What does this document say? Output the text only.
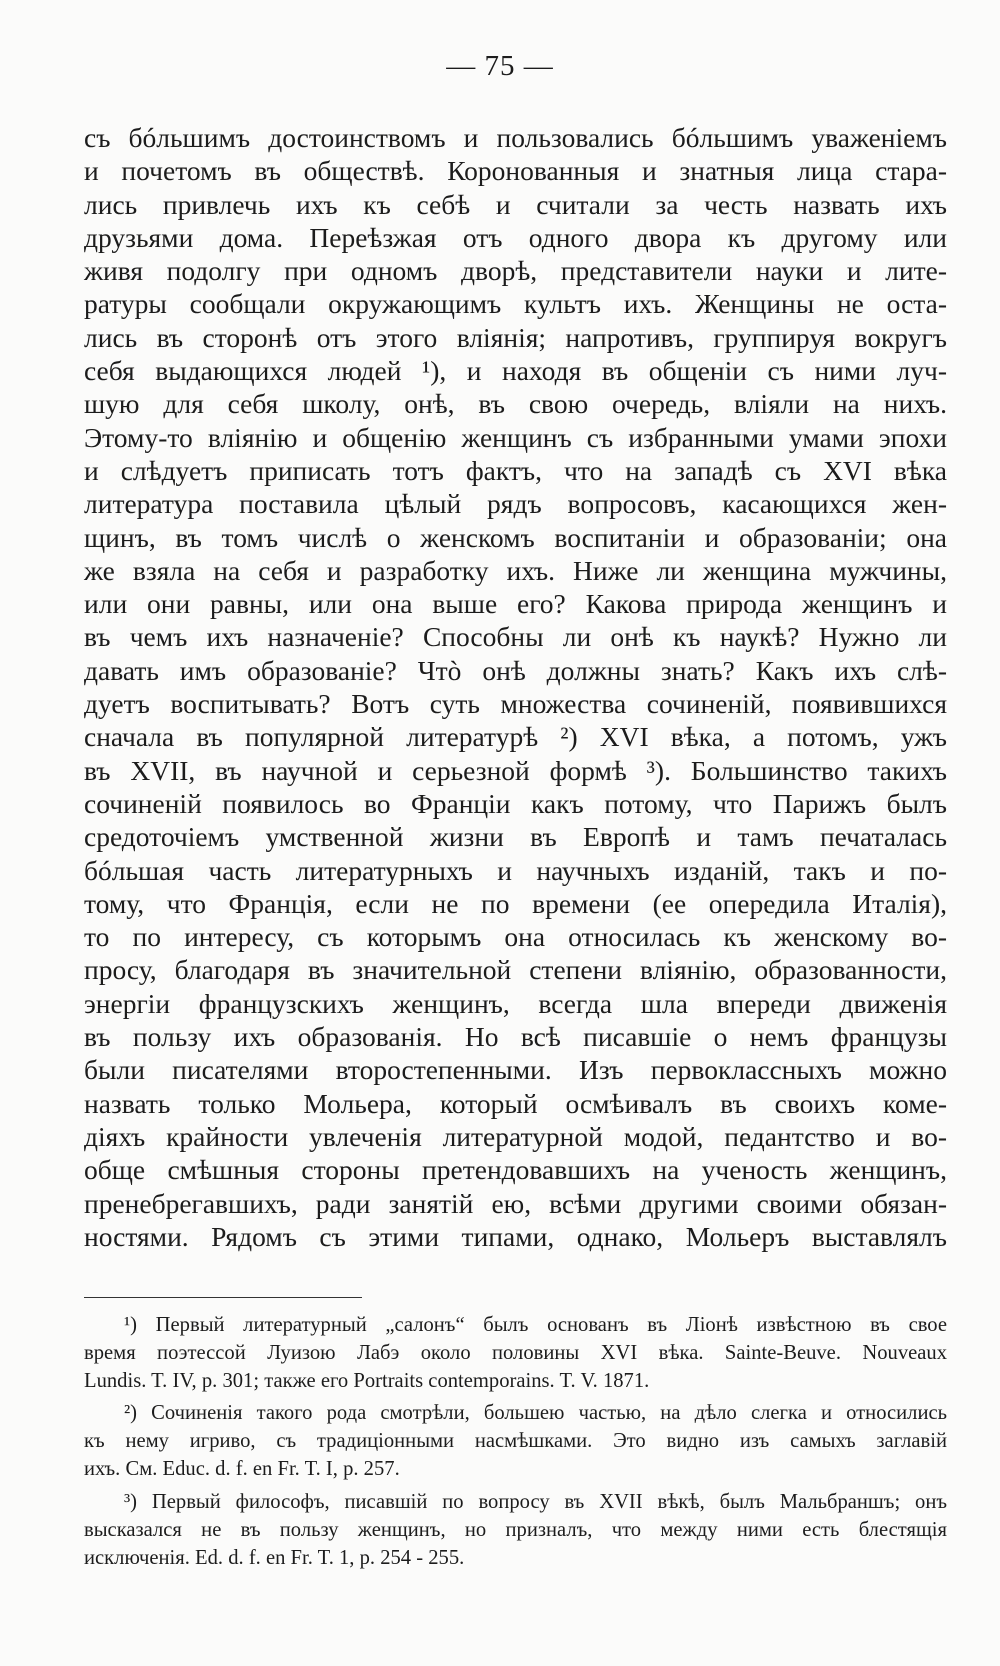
— 75 —
съ бóльшимъ достоинствомъ и пользовались бóльшимъ уваженіемъ
и почетомъ въ обществѣ. Коронованныя и знатныя лица стара-
лись привлечь ихъ къ себѣ и считали за честь назвать ихъ
друзьями дома. Переѣзжая отъ одного двора къ другому или
живя подолгу при одномъ дворѣ, представители науки и лите-
ратуры сообщали окружающимъ культъ ихъ. Женщины не оста-
лись въ сторонѣ отъ этого вліянія; напротивъ, группируя вокругъ
себя выдающихся людей ¹), и находя въ общеніи съ ними луч-
шую для себя школу, онѣ, въ свою очередь, вліяли на нихъ.
Этому-то вліянію и общенію женщинъ съ избранными умами эпохи
и слѣдуетъ приписать тотъ фактъ, что на западѣ съ XVI вѣка
литература поставила цѣлый рядъ вопросовъ, касающихся жен-
щинъ, въ томъ числѣ о женскомъ воспитаніи и образованіи; она
же взяла на себя и разработку ихъ. Ниже ли женщина мужчины,
или они равны, или она выше его? Какова природа женщинъ и
въ чемъ ихъ назначеніе? Способны ли онѣ къ наукѣ? Нужно ли
давать имъ образованіе? Чтò онѣ должны знать? Какъ ихъ слѣ-
дуетъ воспитывать? Вотъ суть множества сочиненій, появившихся
сначала въ популярной литературѣ ²) XVI вѣка, а потомъ, ужъ
въ XVII, въ научной и серьезной формѣ ³). Большинство такихъ
сочиненій появилось во Франціи какъ потому, что Парижъ былъ
средоточіемъ умственной жизни въ Европѣ и тамъ печаталась
бóльшая часть литературныхъ и научныхъ изданій, такъ и по-
тому, что Франція, если не по времени (ее опередила Италія),
то по интересу, съ которымъ она относилась къ женскому во-
просу, благодаря въ значительной степени вліянію, образованности,
энергіи французскихъ женщинъ, всегда шла впереди движенія
въ пользу ихъ образованія. Но всѣ писавшіе о немъ французы
были писателями второстепенными. Изъ первоклассныхъ можно
назвать только Мольера, который осмѣивалъ въ своихъ коме-
діяхъ крайности увлеченія литературной модой, педантство и во-
обще смѣшныя стороны претендовавшихъ на ученость женщинъ,
пренебрегавшихъ, ради занятій ею, всѣми другими своими обязан-
ностями. Рядомъ съ этими типами, однако, Мольеръ выставлялъ
¹) Первый литературный „салонъ“ былъ основанъ въ Ліонѣ извѣстною въ свое
время поэтессой Луизою Лабэ около половины XVI вѣка. Sainte-Beuve. Nouveaux
Lundis. T. IV, p. 301; также его Portraits contemporains. T. V. 1871.
²) Сочиненія такого рода смотрѣли, большею частью, на дѣло слегка и относились
къ нему игриво, съ традиціонными насмѣшками. Это видно изъ самыхъ заглавій
ихъ. См. Educ. d. f. en Fr. T. I, p. 257.
³) Первый философъ, писавшій по вопросу въ XVII вѣкѣ, былъ Мальбраншъ; онъ
высказался не въ пользу женщинъ, но призналъ, что между ними есть блестящія
исключенія. Ed. d. f. en Fr. T. 1, p. 254 - 255.
